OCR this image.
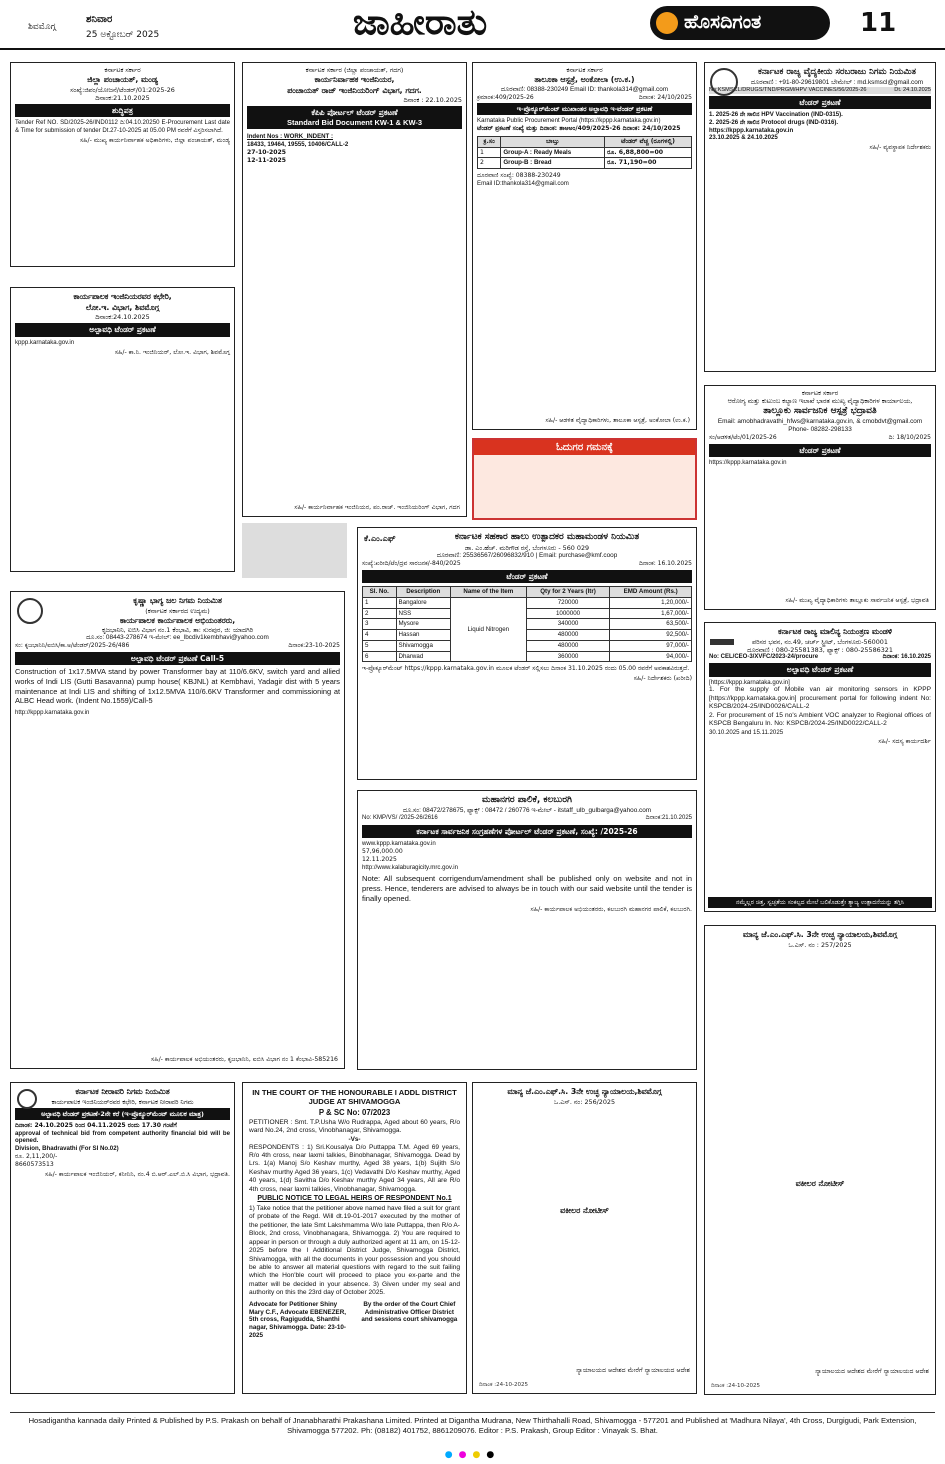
ಶಿವಮೊಗ್ಗ
ಶನಿವಾರ
25 ಅಕ್ಟೋಬರ್ 2025	ಜಾಹೀರಾತು	ಹೊಸದಿಗಂತ	11
ಕರ್ನಾಟಕ ಸರ್ಕಾರ
ಜಿಲ್ಲಾ ಪಂಚಾಯತ್, ಮಂಡ್ಯ
ಸಂಖ್ಯೆ:ಜಿಪಂ/ಯೋಜನೆ/ಟೆಂಡರ್/01:2025-26
ದಿನಾಂಕ:21.10.2025
ಶುದ್ಧಿಪತ್ರ
Tender Ref NO. SD/2025-26/IND0112 ದಿ:04.10.20250 E-Procurement Last date & Time for submission of tender Dt.27-10-2025 at 05.00 PM ರವರೆಗೆ ವಿಸ್ತರಿಸಲಾಗಿದೆ.
ಸಹಿ/- ಮುಖ್ಯ ಕಾರ್ಯನಿರ್ವಾಹಕ ಅಧಿಕಾರಿಗಳು, ಜಿಲ್ಲಾ ಪಂಚಾಯತ್, ಮಂಡ್ಯ
ಕಾರ್ಯಪಾಲಕ ಇಂಜಿನಿಯರವರ ಕಛೇರಿ,
ಲೋ.ಇ. ವಿಭಾಗ, ಶಿವಮೊಗ್ಗ
ದಿನಾಂಕ:24.10.2025
ಅಲ್ಪಾವಧಿ ಟೆಂಡರ್ ಪ್ರಕಟಣೆ
kppp.karnataka.gov.in
ಸಹಿ/- ಕಾ.ನಿ. ಇಂಜಿನಿಯರ್, ಲೋ.ಇ. ವಿಭಾಗ, ಶಿವಮೊಗ್ಗ
ಕೃಷ್ಣಾ ಭಾಗ್ಯ ಜಲ ನಿಗಮ ನಿಯಮಿತ
(ಕರ್ನಾಟಕ ಸರ್ಕಾರದ ಉದ್ಯಮ)
ಕಾರ್ಯಪಾಲಕ ಕಾರ್ಯಪಾಲಕ ಅಭಿಯಂತರರು,
ಕೃಜಭಾನಿನಿ, ಐಬಿಸಿ ವಿಭಾಗ ನಂ.1 ಕೆಂಭಾವಿ, ತಾ: ಸುರಪುರ, ಜಿ: ಯಾದಗಿರಿ
ದೂ.ಸಂ: 08443-278674 ಇ-ಮೇಲ್: ee_lbcdiv1kembhavi@yahoo.com
ಸಂ: ಕೃಜಭಾನಿನಿ/ಐಬಿಸಿ/ಕಾ.ಅ/ಟೆಂಡರ್/2025-26/486	ದಿನಾಂಕ:23-10-2025
ಅಲ್ಪಾವಧಿ ಟೆಂಡರ್ ಪ್ರಕಟಣೆ Call-5
Construction of 1x17.5MVA stand by power Transformer bay at 110/6.6KV, switch yard and allied works of Indi LIS (Gutti Basavanna) pump house( KBJNL) at Kembhavi, Yadagir dist with 5 years maintenance at Indi LIS and shifting of 1x12.5MVA 110/6.6KV Transformer and commissioning at ALBC Head work. (Indent No.1559)/Call-5
http://kppp.karnataka.gov.in
ಸಹಿ/- ಕಾರ್ಯಪಾಲಕ ಅಭಿಯಂತರರು, ಕೃಜಭಾನಿನಿ, ಐಬಿಸಿ ವಿಭಾಗ ನಂ 1 ಕೆಂಭಾವಿ-585216
ಕರ್ನಾಟಕ ನೀರಾವರಿ ನಿಗಮ ನಿಯಮಿತ
ಕಾರ್ಯಪಾಲಕ ಇಂಜಿನಿಯರ್‌ರವರ ಕಛೇರಿ, ಕರ್ನಾಟಕ ನೀರಾವರಿ ನಿಗಮ
ಅಲ್ಪಾವಧಿ ಟೆಂಡರ್ ಪ್ರಕಟಣೆ-2ನೇ ಕರೆ (ಇ-ಪ್ರೊಕ್ಯೂರ್‌ಮೆಂಟ್ ಮೂಲಕ ಮಾತ್ರ)
ದಿನಾಂಕ: 24.10.2025 ರಿಂದ 04.11.2025 ರಂದು 17.30 ಗಂಟೆಗೆ
approval of technical bid from competent authority financial bid will be opened.
Division, Bhadravathi (For SI No.02)
ರೂ. 2,11,200/-
8660573513
ಸಹಿ/- ಕಾರ್ಯಪಾಲಕ ಇಂಜಿನಿಯರ್, ಕನೀನಿನಿ, ನಂ.4 ಬಿ.ಆರ್.ಎಲ್.ಬಿ.ಸಿ ವಿಭಾಗ, ಭದ್ರಾವತಿ.
ಕರ್ನಾಟಕ ಸರ್ಕಾರ (ಜಿಲ್ಲಾ ಪಂಚಾಯತ್, ಗದಗ)
ಕಾರ್ಯನಿರ್ವಾಹಕ ಇಂಜಿನಿಯರ,
ಪಂಚಾಯತ್ ರಾಜ್ ಇಂಜಿನಿಯರಿಂಗ್ ವಿಭಾಗ, ಗದಗ.
ದಿನಾಂಕ : 22.10.2025
ಕೆಪಿಪಿ ಪೋರ್ಟಲ್ ಟೆಂಡರ್ ಪ್ರಕಟಣೆ
Standard Bid Document KW-1 & KW-3
Indent Nos : WORK_INDENT :
18433, 19464, 19555, 10406/CALL-2
27-10-2025
12-11-2025
ಸಹಿ/- ಕಾರ್ಯನಿರ್ವಾಹಕ ಇಂಜಿನಿಯರ, ಪಂ.ರಾಜ್. ಇಂಜಿನಿಯರಿಂಗ್ ವಿಭಾಗ, ಗದಗ
IN THE COURT OF THE HONOURABLE I ADDL DISTRICT JUDGE AT SHIVAMOGGA
P & SC No: 07/2023
PETITIONER : Smt. T.P.Usha W/o Rudrappa, Aged about 60 years, R/o ward No.24, 2nd cross, Vinobhanagar, Shivamogga.
-Vs-
RESPONDENTS : 1) Sri.Kousalya D/o Puttappa T.M. Aged 69 years, R/o 4th cross, near laxmi talkies, Binobhanagar, Shivamogga. Dead by Lrs. 1(a) Manoj S/o Keshav murthy, Aged 38 years, 1(b) Sujith S/o Keshav murthy Aged 36 years, 1(c) Vedavathi D/o Keshav murthy, Aged 40 years, 1(d) Savitha D/o Keshav murthy Aged 34 years, All are R/o 4th cross, near laxmi talkies, Vinobhanagar, Shivamogga.
PUBLIC NOTICE TO LEGAL HEIRS OF RESPONDENT No.1
1) Take notice that the petitioner above named have filed a suit for grant of probate of the Regd. Will dt.19-01-2017 executed by the mother of the petitioner, the late Smt Lakshmamma W/o late Puttappa, then R/o A-Block, 2nd cross, Vinobhanagara, Shivamogga. 2) You are required to appear in person or through a duly authorized agent at 11 am, on 15-12-2025 before the I Additional District Judge, Shivamogga District, Shivamogga, with all the documents in your possession and you should be able to answer all material questions with regard to the suit failing which the Hon'ble court will proceed to place you ex-parte and the matter will be decided in your absence. 3) Given under my seal and authority on this the 23rd day of October 2025.
Advocate for Petitioner Shiny Mary C.F., Advocate EBENEZER, 5th cross, Ragigudda, Shanthi nagar, Shivamogga. Date: 23-10-2025
By the order of the Court Chief Administrative Officer District and sessions court shivamogga
ಕರ್ನಾಟಕ ಸರ್ಕಾರ
ತಾಲೂಕಾ ಆಸ್ಪತ್ರೆ, ಅಂಕೋಲಾ (ಉ.ಕ.)
ದೂರವಾಣಿ: 08388-230249 Email ID: thankola314@gmail.com
ಕ್ರಮಾಂಕ:409/2025-26	ದಿನಾಂಕ: 24/10/2025
ಇ-ಪ್ರೊಕ್ಯೂರ್‌ಮೆಂಟ್ ಮುಖಾಂತರ ಅಲ್ಪಾವಧಿ ಇ-ಟೆಂಡರ್ ಪ್ರಕಟಣೆ
Karnataka Public Procurement Portal (https://kppp.karnataka.gov.in)
ಟೆಂಡರ್ ಪ್ರಕಟಣೆ ಸಂಖ್ಯೆ ಮತ್ತು ದಿನಾಂಕ: ತಾಆಅಂ/409/2025-26 ದಿನಾಂಕ: 24/10/2025
ಕ್ರ.ಸಂ	ಬಾಬ್ತು	ಟೆಂಡರ್ ವೆಚ್ಚ (ರೂಗಳಲ್ಲಿ)
1	Group-A : Ready Meals	ರೂ. 6,88,800=00
2	Group-B : Bread	ರೂ. 71,190=00
ದೂರವಾಣಿ ಸಂಖ್ಯೆ: 08388-230249
Email ID:thankola314@gmail.com
ಸಹಿ/- ಆಡಳಿತ ವೈದ್ಯಾಧಿಕಾರಿಗಳು, ತಾಲೂಕಾ ಆಸ್ಪತ್ರೆ, ಅಂಕೋಲಾ (ಉ.ಕ.)
ಓದುಗರ ಗಮನಕ್ಕೆ
ಕೆ.ಎಂ.ಎಫ್	ಕರ್ನಾಟಕ ಸಹಕಾರ ಹಾಲು ಉತ್ಪಾದಕರ ಮಹಾಮಂಡಳ ನಿಯಮಿತ
ಡಾ. ಎಂ.ಹೆಚ್. ಮರಿಗೌಡ ರಸ್ತೆ, ಬೆಂಗಳೂರು - 560 029
ದೂರವಾಣಿ: 25536567/26096832/910 | Email: purchase@kmf.coop
ಸಂಖ್ಯೆ:ಖರೀದಿ/ಟೆಂ/ದ್ರವ ಸಾರಜನಕ/-840/2025	ದಿನಾಂಕ: 16.10.2025
ಟೆಂಡರ್ ಪ್ರಕಟಣೆ
Sl. No.	Description	Name of the Item	Qty for 2 Years (ltr)	EMD Amount (Rs.)
1	Bangalore	Liquid Nitrogen	720000	1,20,000/-
2	NSS		1000000	1,67,000/-
3	Mysore		340000	63,500/-
4	Hassan		480000	92,500/-
5	Shivamogga		480000	97,000/-
6	Dharwad		360000	94,000/-
ಇ-ಪ್ರೊಕ್ಯೂರ್‌ಮೆಂಟ್ https://kppp.karnataka.gov.in ಮೂಲಕ ಟೆಂಡರ್ ಸಲ್ಲಿಸಲು ದಿನಾಂಕ 31.10.2025 ರಂದು 05.00 ರವರೆಗೆ ಅವಕಾಶವಿರುತ್ತದೆ.
ಸಹಿ/- ನಿರ್ದೇಶಕರು (ಖರೀದಿ)
ಮಹಾನಗರ ಪಾಲಿಕೆ, ಕಲಬುರಗಿ
ದೂ.ಸಂ: 08472/278675, ಫ್ಯಾಕ್ಸ್ : 08472 / 260776 ಇ-ಮೇಲ್ - itstaff_ulb_gulbarga@yahoo.com
No: KMP/VS/ /2025-26/2616	ದಿನಾಂಕ:21.10.2025
ಕರ್ನಾಟಕ ಸಾರ್ವಜನಿಕ ಸಂಗ್ರಹಣೆಗಳ ಪೋರ್ಟಲ್ ಟೆಂಡರ್ ಪ್ರಕಟಣೆ, ಸಂಖ್ಯೆ: /2025-26
www.kppp.karnataka.gov.in
57,96,000.00
12.11.2025
http://www.kalaburagicity.mrc.gov.in
Note: All subsequent corrigendum/amendment shall be published only on website and not in press. Hence, tenderers are advised to always be in touch with our said website until the tender is finally opened.
ಸಹಿ/- ಕಾರ್ಯಪಾಲಕ ಅಭಿಯಂತರರು, ಕಲಬುರಗಿ ಮಹಾನಗರ ಪಾಲಿಕೆ, ಕಲಬುರಗಿ.
ಮಾನ್ಯ ಜೆ.ಎಂ.ಎಫ್.ಸಿ. 3ನೇ ಉಚ್ಛ ನ್ಯಾಯಾಲಯ,ಶಿವಮೊಗ್ಗ
ಒ.ಎಸ್. ನಂ: 256/2025
ವಕೀಲರ ನೋಟೀಸ್
ನ್ಯಾಯಾಲಯದ ಆದೇಶದ ಮೇರೆಗೆ ನ್ಯಾಯಾಲಯದ ಆದೇಶ
ದಿನಾಂಕ :24-10-2025
ಕರ್ನಾಟಕ ರಾಜ್ಯ ವೈದ್ಯಕೀಯ ಸರಬರಾಜು ನಿಗಮ ನಿಯಮಿತ
ದೂರವಾಣಿ : +91-80-29619801 ಬೇಮೇಲ್ : md.ksmscl@gmail.com
No:KSMSCL/DRUGS/TND/PRGM/HPV VACCINES/56/2025-26	Dt. 24.10.2025
ಟೆಂಡರ್ ಪ್ರಕಟಣೆ
1. 2025-26 ನೇ ಸಾಲಿನ HPV Vaccination (IND-0315).
2. 2025-26 ನೇ ಸಾಲಿನ Protocol drugs (IND-0316).
https://kppp.karnataka.gov.in
23.10.2025 & 24.10.2025
ಸಹಿ/- ವ್ಯವಸ್ಥಾಪಕ ನಿರ್ದೇಶಕರು
ಕರ್ನಾಟಕ ಸರ್ಕಾರ
ಆರೋಗ್ಯ ಮತ್ತು ಕುಟುಂಬ ಕಲ್ಯಾಣ ಇಲಾಖೆ ಭಾರತ ಮುಖ್ಯ ವೈದ್ಯಾಧಿಕಾರಿಗಳ ಕಾರ್ಯಾಲಯ,
ತಾಲ್ಲೂಕು ಸಾರ್ವಜನಿಕ ಆಸ್ಪತ್ರೆ ಭದ್ರಾವತಿ
Email: amobhadravathi_hfws@karnataka.gov.in, & cmobdvt@gmail.com Phone- 08282-298133
ಸಂ/ಆಡಳಿತ/ಟೆಂ/01/2025-26	ದಿ: 18/10/2025
ಟೆಂಡರ್ ಪ್ರಕಟಣೆ
https://kppp.karnataka.gov.in
ಸಹಿ/- ಮುಖ್ಯ ವೈದ್ಯಾಧಿಕಾರಿಗಳು ತಾಲ್ಲೂಕು ಸಾರ್ವಜನಿಕ ಆಸ್ಪತ್ರೆ, ಭದ್ರಾವತಿ
ಕರ್ನಾಟಕ ರಾಜ್ಯ ಮಾಲಿನ್ಯ ನಿಯಂತ್ರಣ ಮಂಡಳಿ
ಪರಿಸರ ಭವನ, ನಂ.49, ಚರ್ಚ್ ಸ್ಟ್ರೀಟ್, ಬೆಂಗಳೂರು-560001
ದೂರವಾಣಿ : 080-25581383, ಫ್ಯಾಕ್ಸ್ : 080-25586321
No: CEL/CEO-3/XVFC/2023-24/procure	ದಿನಾಂಕ: 16.10.2025
ಅಲ್ಪಾವಧಿ ಟೆಂಡರ್ ಪ್ರಕಟಣೆ
[https://kppp.karnataka.gov.in]
1. For the supply of Mobile van air monitoring sensors in KPPP [https://kppp.karnataka.gov.in] procurement portal for following indent No: KSPCB/2024-25/IND0026/CALL-2
2. For procurement of 15 no's Ambient VOC analyzer to Regional offices of KSPCB Bengaluru In. No: KSPCB/2024-25/IND0022/CALL-2
30.10.2025 and 15.11.2025
ಸಹಿ/- ಸದಸ್ಯ ಕಾರ್ಯದರ್ಶಿ
ನಮ್ಮೆಲ್ಲರ ಚಿತ್ತ, ಸ್ವಚ್ಛತೆಯ ಸಂಕಲ್ಪದ ಮೇಲೆ ಬಲಿಕೊಡುತ್ತೇ ತ್ಯಾಜ್ಯ ಉತ್ಪಾದನೆಯನ್ನು ತಗ್ಗಿಸಿ
ಮಾನ್ಯ ಜೆ.ಎಂ.ಎಫ್.ಸಿ. 3ನೇ ಉಚ್ಛ ನ್ಯಾಯಾಲಯ,ಶಿವಮೊಗ್ಗ
ಒ.ಎಸ್. ನಂ : 257/2025
ವಕೀಲರ ನೋಟೀಸ್
ನ್ಯಾಯಾಲಯದ ಆದೇಶದ ಮೇರೆಗೆ ನ್ಯಾಯಾಲಯದ ಆದೇಶ
ದಿನಾಂಕ :24-10-2025
Hosadigantha kannada daily Printed & Published by P.S. Prakash on behalf of Jnanabharathi Prakashana Limited. Printed at Digantha Mudrana, New Thirthahalli Road, Shivamogga - 577201 and Published at 'Madhura Nilaya', 4th Cross, Durgigudi, Park Extension, Shivamogga 577202. Ph: (08182) 401752, 8861209076. Editor : P.S. Prakash, Group Editor : Vinayak S. Bhat.
●●●●
